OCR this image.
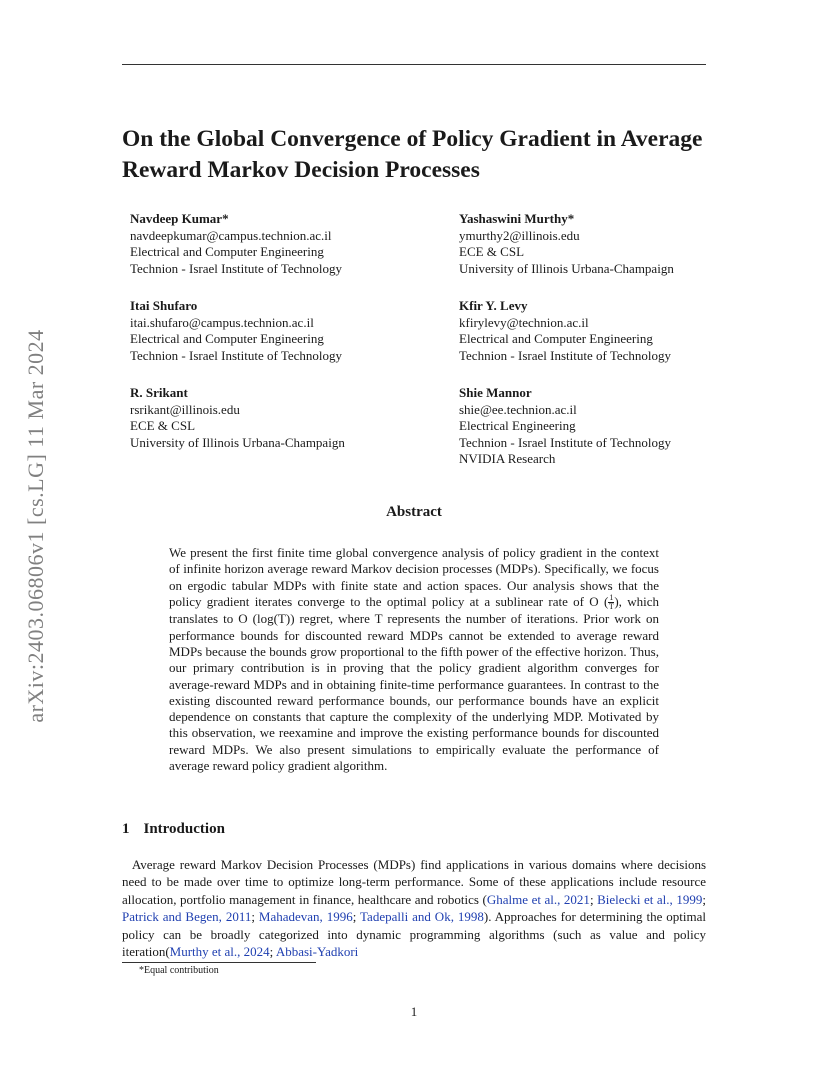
arXiv:2403.06806v1 [cs.LG] 11 Mar 2024
On the Global Convergence of Policy Gradient in Average Reward Markov Decision Processes
Navdeep Kumar*
navdeepkumar@campus.technion.ac.il
Electrical and Computer Engineering
Technion - Israel Institute of Technology
Yashaswini Murthy*
ymurthy2@illinois.edu
ECE & CSL
University of Illinois Urbana-Champaign
Itai Shufaro
itai.shufaro@campus.technion.ac.il
Electrical and Computer Engineering
Technion - Israel Institute of Technology
Kfir Y. Levy
kfirylevy@technion.ac.il
Electrical and Computer Engineering
Technion - Israel Institute of Technology
R. Srikant
rsrikant@illinois.edu
ECE & CSL
University of Illinois Urbana-Champaign
Shie Mannor
shie@ee.technion.ac.il
Electrical Engineering
Technion - Israel Institute of Technology
NVIDIA Research
Abstract

We present the first finite time global convergence analysis of policy gradient in the context of infinite horizon average reward Markov decision processes (MDPs). Specifically, we focus on ergodic tabular MDPs with finite state and action spaces. Our analysis shows that the policy gradient iterates converge to the optimal policy at a sublinear rate of O ( $\frac{1}{T}$ ), which translates to O (log(T)) regret, where T represents the number of iterations. Prior work on performance bounds for discounted reward MDPs cannot be extended to average reward MDPs because the bounds grow proportional to the fifth power of the effective horizon. Thus, our primary contribution is in proving that the policy gradient algorithm converges for average-reward MDPs and in obtaining finite-time performance guarantees. In contrast to the existing discounted reward performance bounds, our performance bounds have an explicit dependence on constants that capture the complexity of the underlying MDP. Motivated by this observation, we reexamine and improve the existing performance bounds for discounted reward MDPs. We also present simulations to empirically evaluate the performance of average reward policy gradient algorithm.

1 Introduction

Average reward Markov Decision Processes (MDPs) find applications in various domains where decisions need to be made over time to optimize long-term performance. Some of these applications include resource allocation, portfolio management in finance, healthcare and robotics (Ghalme et al., 2021; Bielecki et al., 1999; Patrick and Begen, 2011; Mahadevan, 1996; Tadepalli and Ok, 1998). Approaches for determining the optimal policy can be broadly categorized into dynamic programming algorithms (such as value and policy iteration(Murthy et al., 2024; Abbasi-Yadkori

*Equal contribution

1
